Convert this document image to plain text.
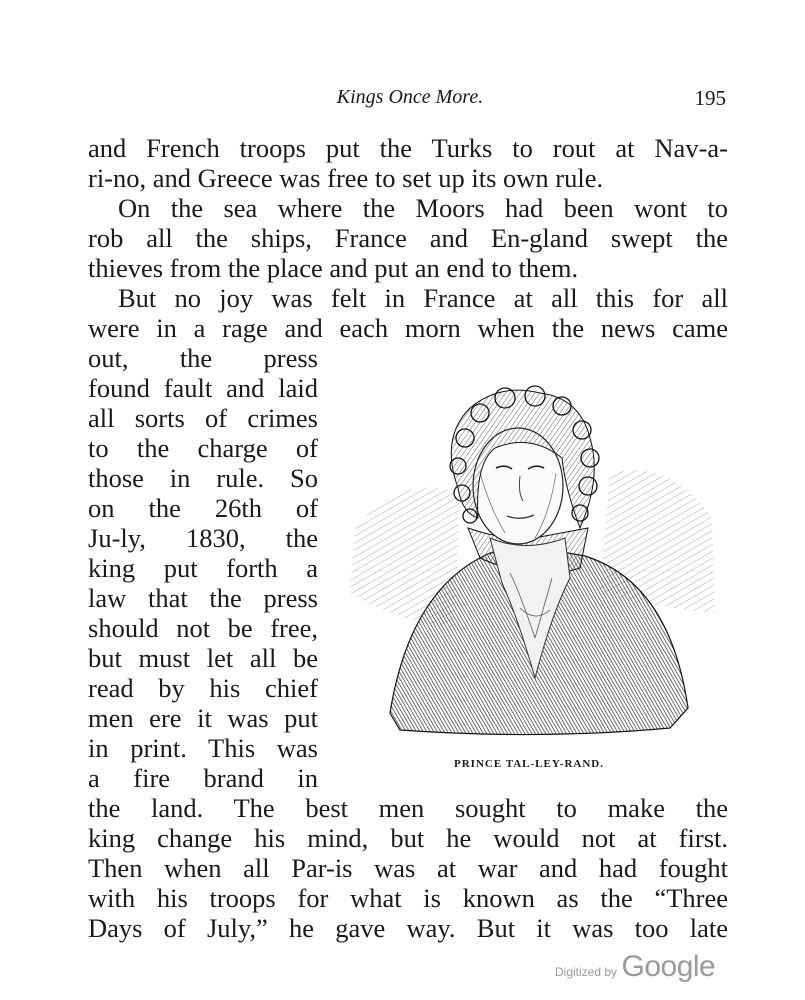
Kings Once More.	195
and French troops put the Turks to rout at Nav-a-
ri-no, and Greece was free to set up its own rule.
On the sea where the Moors had been wont to
rob all the ships, France and En-gland swept the
thieves from the place and put an end to them.
But no joy was felt in France at all this for all
were in a rage and each morn when the news came
out, the press
found fault and laid
all sorts of crimes
to the charge of
those in rule. So
on the 26th of
Ju-ly, 1830, the
king put forth a
law that the press
should not be free,
but must let all be
read by his chief
men ere it was put
in print. This was
a fire brand in
the land. The best men sought to make the
king change his mind, but he would not at first.
Then when all Par-is was at war and had fought
with his troops for what is known as the “Three
Days of July,” he gave way. But it was too late
PRINCE TAL-LEY-RAND.
Digitized by Google
